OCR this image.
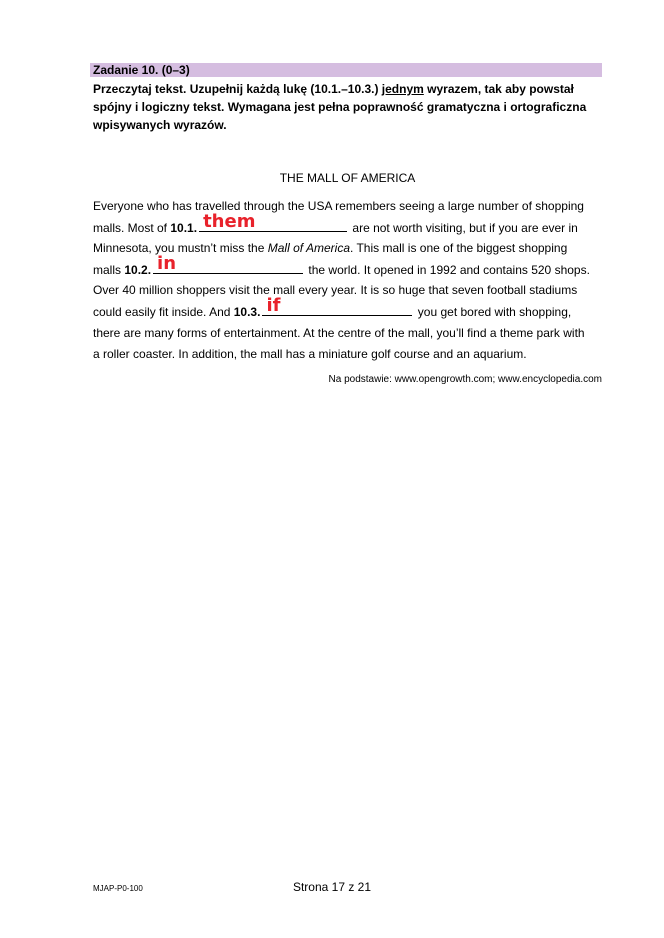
Zadanie 10. (0–3)
Przeczytaj tekst. Uzupełnij każdą lukę (10.1.–10.3.) jednym wyrazem, tak aby powstał spójny i logiczny tekst. Wymagana jest pełna poprawność gramatyczna i ortograficzna wpisywanych wyrazów.
THE MALL OF AMERICA
Everyone who has travelled through the USA remembers seeing a large number of shopping
malls. Most of 10.1. them	are not worth visiting, but if you are ever in
Minnesota, you mustn’t miss the Mall of America. This mall is one of the biggest shopping
malls 10.2. in	the world. It opened in 1992 and contains 520 shops.
Over 40 million shoppers visit the mall every year. It is so huge that seven football stadiums
could easily fit inside. And 10.3. if	you get bored with shopping,
there are many forms of entertainment. At the centre of the mall, you’ll find a theme park with
a roller coaster. In addition, the mall has a miniature golf course and an aquarium.
Na podstawie: www.opengrowth.com; www.encyclopedia.com
MJAP-P0-100	Strona 17 z 21
